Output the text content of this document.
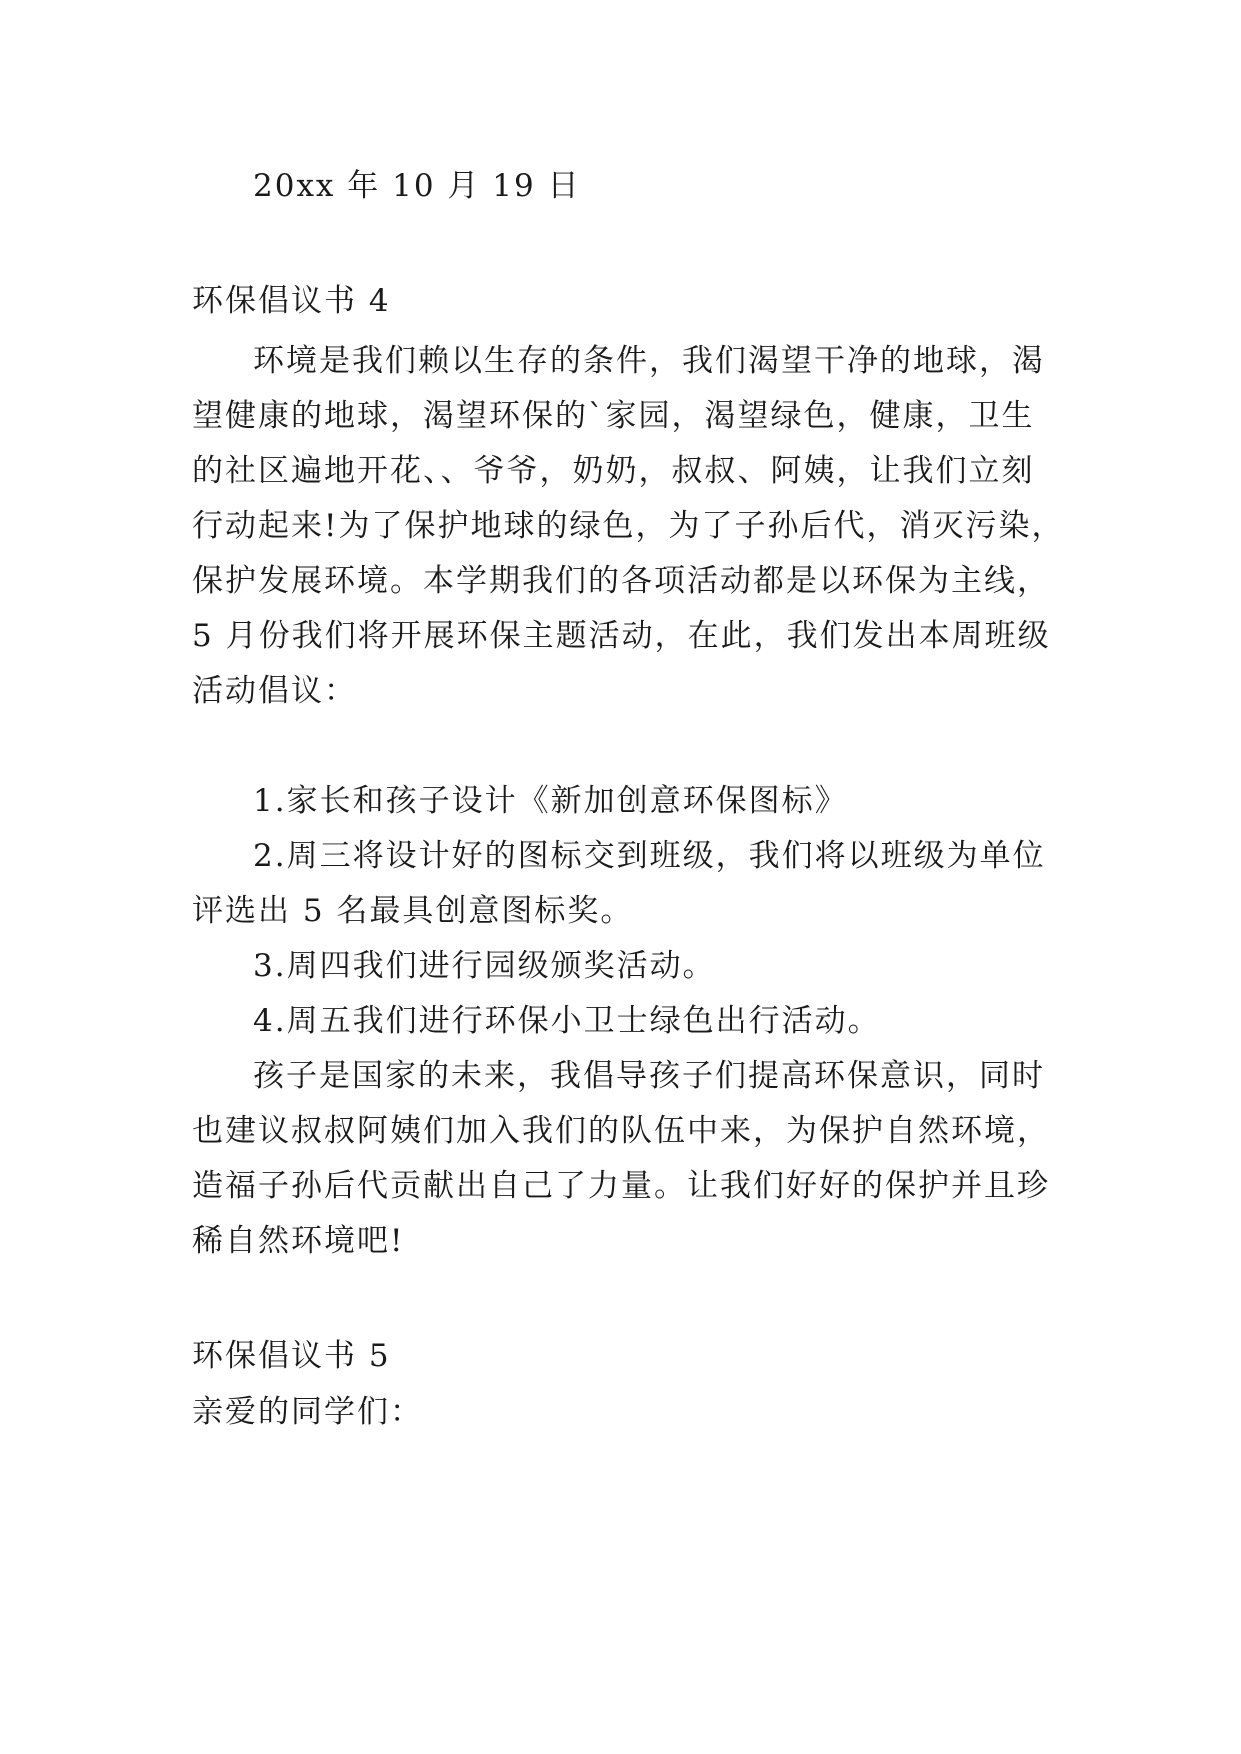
20xx 年 10 月 19 日
环保倡议书 4
环境是我们赖以生存的条件，我们渴望干净的地球，渴
望健康的地球，渴望环保的`家园，渴望绿色，健康，卫生
的社区遍地开花、、爷爷，奶奶，叔叔、阿姨，让我们立刻
行动起来!为了保护地球的绿色，为了子孙后代，消灭污染，
保护发展环境。本学期我们的各项活动都是以环保为主线，
5 月份我们将开展环保主题活动，在此，我们发出本周班级
活动倡议：
1.家长和孩子设计《新加创意环保图标》
2.周三将设计好的图标交到班级，我们将以班级为单位
评选出 5 名最具创意图标奖。
3.周四我们进行园级颁奖活动。
4.周五我们进行环保小卫士绿色出行活动。
孩子是国家的未来，我倡导孩子们提高环保意识，同时
也建议叔叔阿姨们加入我们的队伍中来，为保护自然环境，
造福子孙后代贡献出自己了力量。让我们好好的保护并且珍
稀自然环境吧!
环保倡议书 5
亲爱的同学们：
